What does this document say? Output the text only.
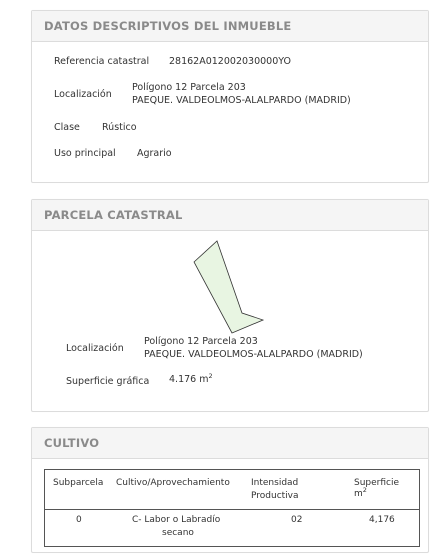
DATOS DESCRIPTIVOS DEL INMUEBLE
Referencia catastral 28162A012002030000YO
Localización
Polígono 12 Parcela 203
PAEQUE. VALDEOLMOS-ALALPARDO (MADRID)
Clase Rústico
Uso principal Agrario
PARCELA CATASTRAL
Polígono 12 Parcela 203
Localización
PAEQUE. VALDEOLMOS-ALALPARDO (MADRID)
Superficie gráfica 4.176 $m^2$
CULTIVO
Subparcela Cultivo/Aprovechamiento Intensidad
Productiva
Superficie
$m^2$
0	C- Labor o Labradío
secano
02	4,176
